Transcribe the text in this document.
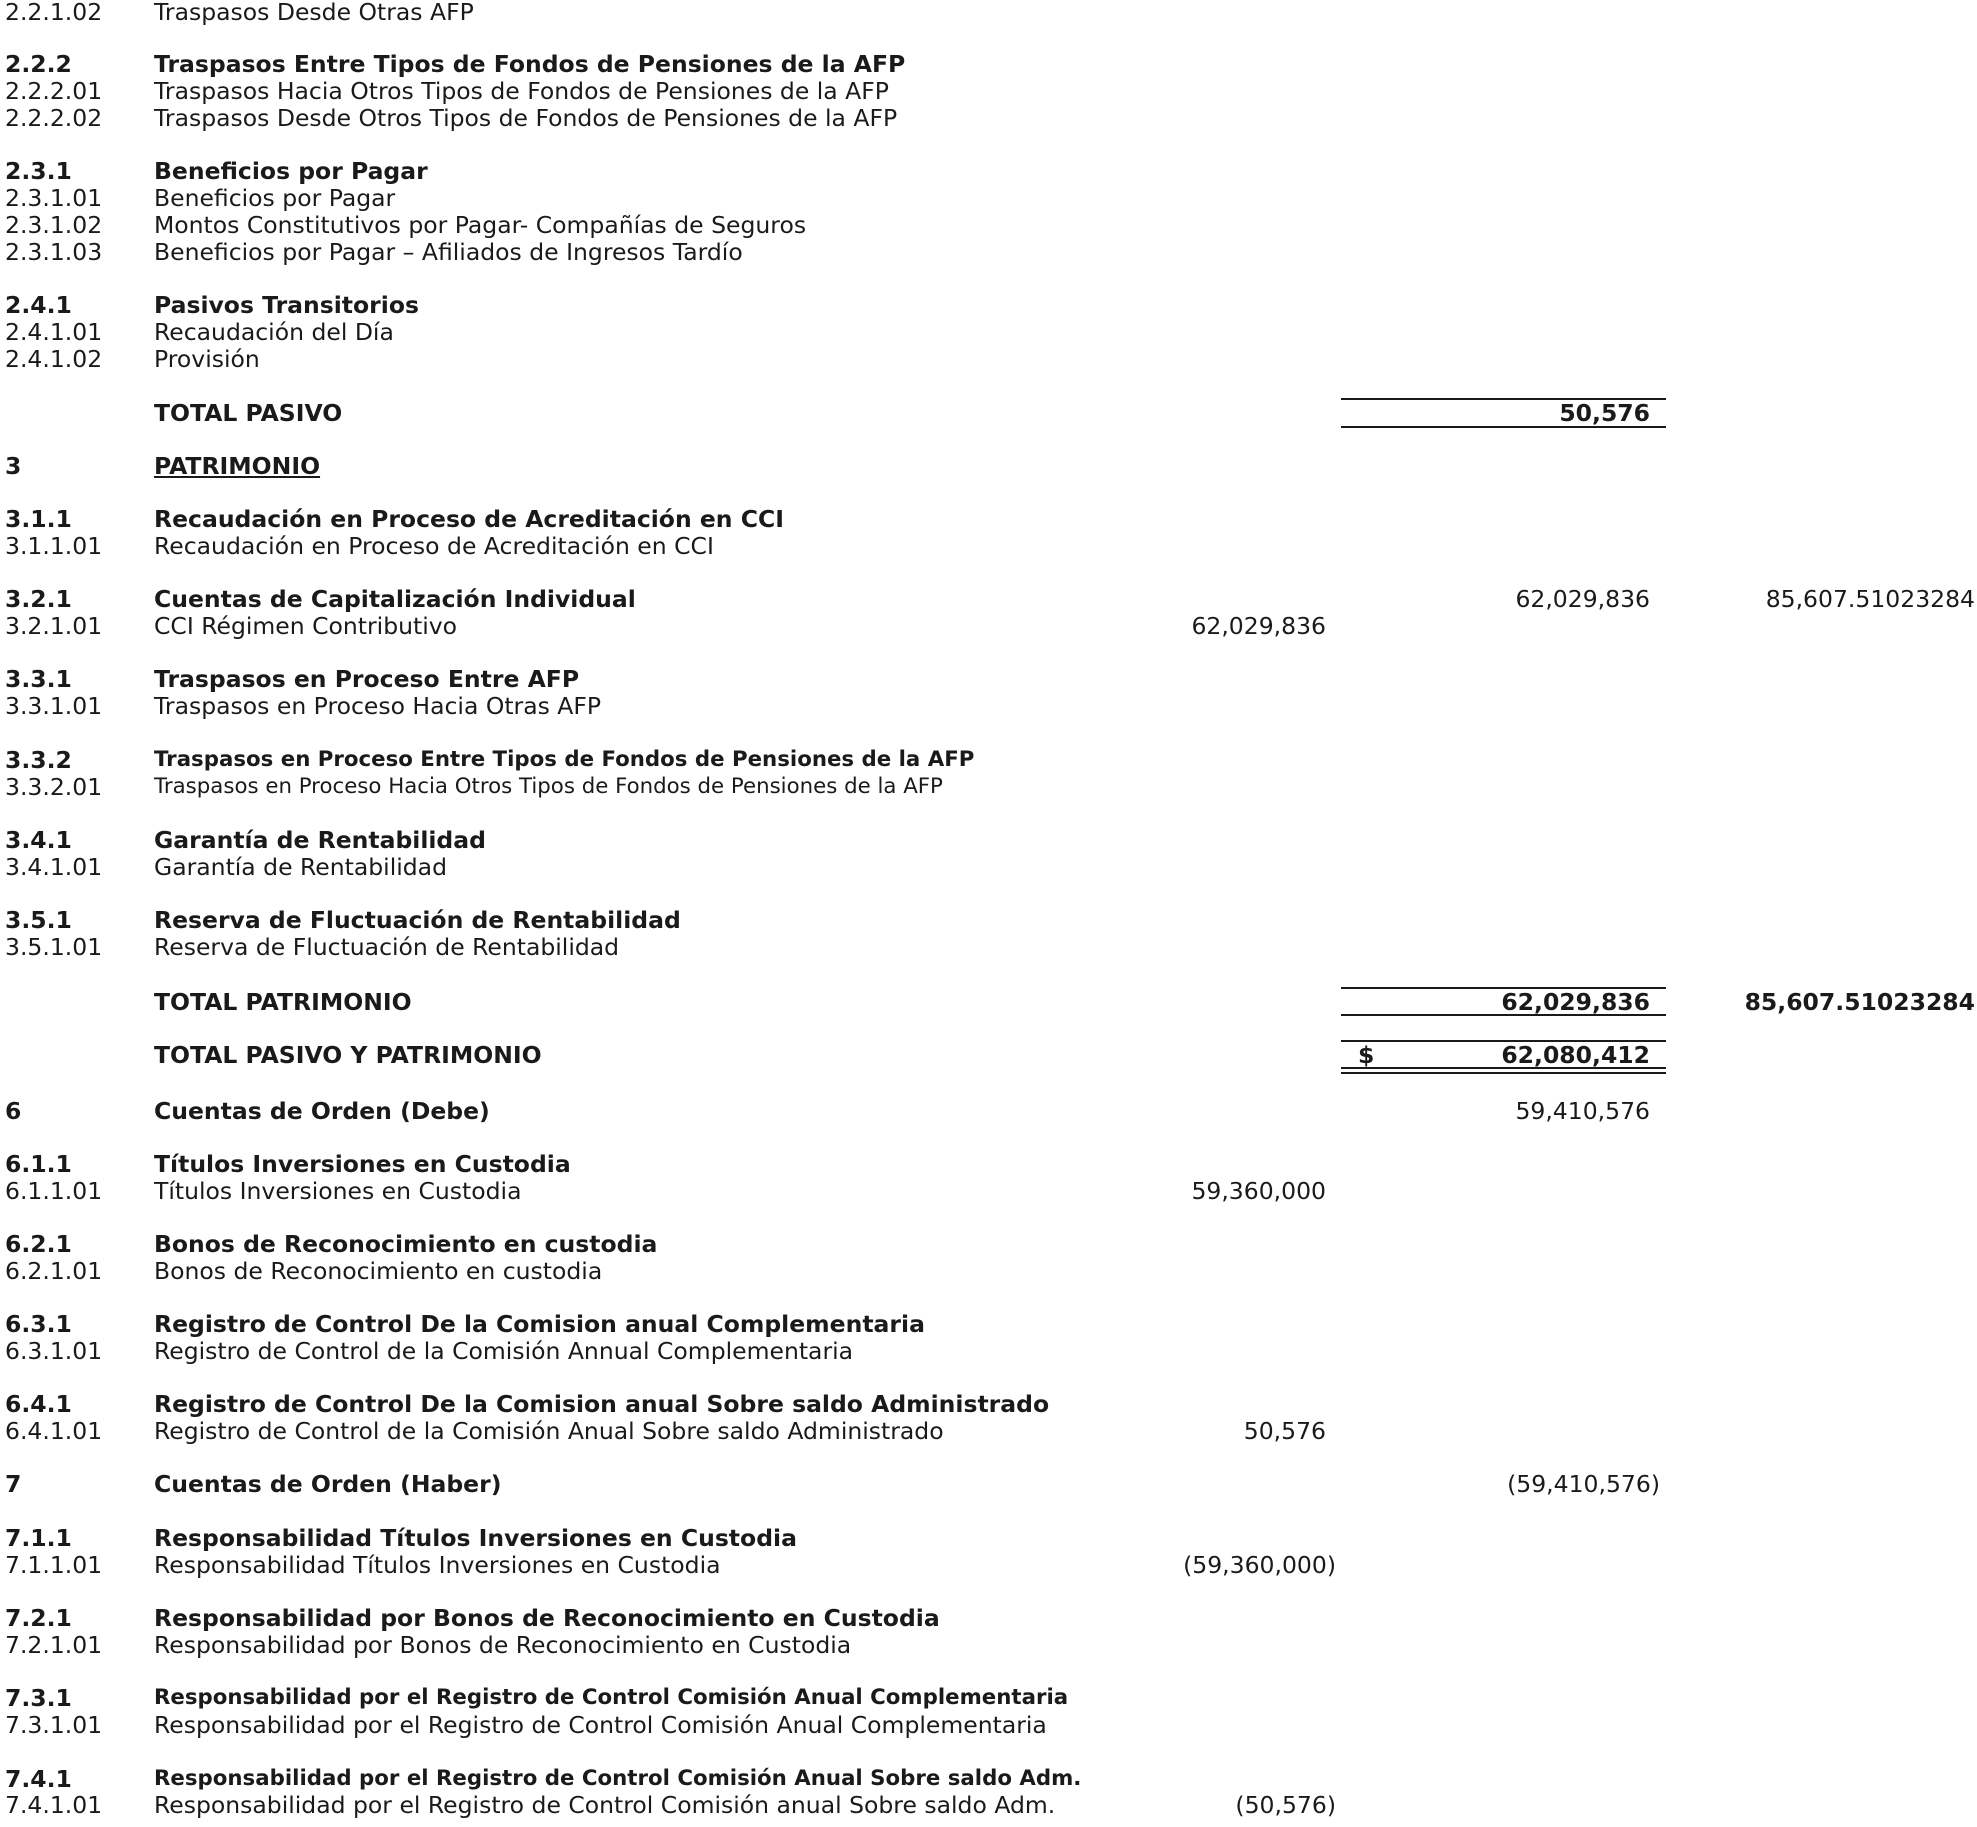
2.2.1.02 Traspasos Desde Otras AFP
2.2.2	Traspasos Entre Tipos de Fondos de Pensiones de la AFP
2.2.2.01 Traspasos Hacia Otros Tipos de Fondos de Pensiones de la AFP
2.2.2.02 Traspasos Desde Otros Tipos de Fondos de Pensiones de la AFP
2.3.1	Beneficios por Pagar
2.3.1.01 Beneficios por Pagar
2.3.1.02 Montos Constitutivos por Pagar- Compañías de Seguros
2.3.1.03 Beneficios por Pagar – Afiliados de Ingresos Tardío
2.4.1	Pasivos Transitorios
2.4.1.01 Recaudación del Día
2.4.1.02 Provisión
TOTAL PASIVO	50,576
3	PATRIMONIO
3.1.1	Recaudación en Proceso de Acreditación en CCI
3.1.1.01 Recaudación en Proceso de Acreditación en CCI
3.2.1	Cuentas de Capitalización Individual	62,029,836	85,607.51023284
3.2.1.01 CCI Régimen Contributivo	62,029,836
3.3.1	Traspasos en Proceso Entre AFP
3.3.1.01 Traspasos en Proceso Hacia Otras AFP
3.3.2	Traspasos en Proceso Entre Tipos de Fondos de Pensiones de la AFP
3.3.2.01 Traspasos en Proceso Hacia Otros Tipos de Fondos de Pensiones de la AFP
3.4.1	Garantía de Rentabilidad
3.4.1.01 Garantía de Rentabilidad
3.5.1	Reserva de Fluctuación de Rentabilidad
3.5.1.01 Reserva de Fluctuación de Rentabilidad
TOTAL PATRIMONIO	62,029,836	85,607.51023284
TOTAL PASIVO Y PATRIMONIO	$	62,080,412
6	Cuentas de Orden (Debe)	59,410,576
6.1.1	Títulos Inversiones en Custodia
6.1.1.01 Títulos Inversiones en Custodia	59,360,000
6.2.1	Bonos de Reconocimiento en custodia
6.2.1.01 Bonos de Reconocimiento en custodia
6.3.1	Registro de Control De la Comision anual Complementaria
6.3.1.01 Registro de Control de la Comisión Annual Complementaria
6.4.1	Registro de Control De la Comision anual Sobre saldo Administrado
6.4.1.01 Registro de Control de la Comisión Anual Sobre saldo Administrado	50,576
7	Cuentas de Orden (Haber)	(59,410,576)
7.1.1	Responsabilidad Títulos Inversiones en Custodia
7.1.1.01 Responsabilidad Títulos Inversiones en Custodia	(59,360,000)
7.2.1	Responsabilidad por Bonos de Reconocimiento en Custodia
7.2.1.01 Responsabilidad por Bonos de Reconocimiento en Custodia
7.3.1	Responsabilidad por el Registro de Control Comisión Anual Complementaria
7.3.1.01 Responsabilidad por el Registro de Control Comisión Anual Complementaria
7.4.1	Responsabilidad por el Registro de Control Comisión Anual Sobre saldo Adm.
7.4.1.01 Responsabilidad por el Registro de Control Comisión anual Sobre saldo Adm.	(50,576)
